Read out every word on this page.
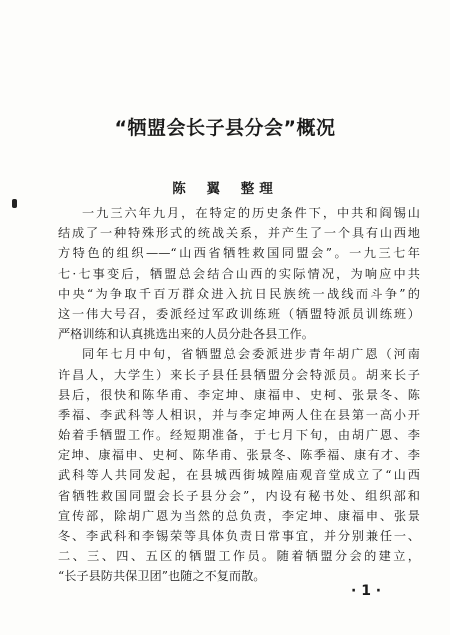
“牺盟会长子县分会”概况
陈 翼 整理
一九三六年九月，在特定的历史条件下，中共和阎锡山
结成了一种特殊形式的统战关系，并产生了一个具有山西地
方特色的组织——“山西省牺牲救国同盟会”。一九三七年
七·七事变后，牺盟总会结合山西的实际情况，为响应中共
中央“为争取千百万群众进入抗日民族统一战线而斗争”的
这一伟大号召，委派经过军政训练班（牺盟特派员训练班）
严格训练和认真挑选出来的人员分赴各县工作。
同年七月中旬，省牺盟总会委派进步青年胡广恩（河南
许昌人，大学生）来长子县任县牺盟分会特派员。胡来长子
县后，很快和陈华甫、李定坤、康福申、史柯、张景冬、陈
季福、李武科等人相识，并与李定坤两人住在县第一高小开
始着手牺盟工作。经短期准备，于七月下旬，由胡广恩、李
定坤、康福申、史柯、陈华甫、张景冬、陈季福、康有才、李
武科等人共同发起，在县城西街城隍庙观音堂成立了“山西
省牺牲救国同盟会长子县分会”，内设有秘书处、组织部和
宣传部，除胡广恩为当然的总负责，李定坤、康福申、张景
冬、李武科和李锡荣等具体负责日常事宜，并分别兼任一、
二、三、四、五区的牺盟工作员。随着牺盟分会的建立，
“长子县防共保卫团”也随之不复而散。
· 1 ·
